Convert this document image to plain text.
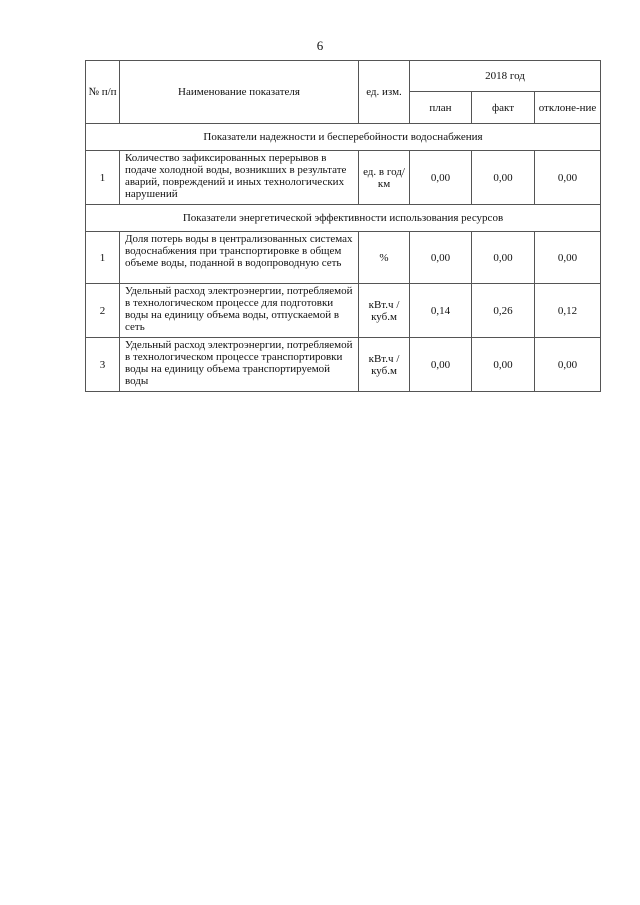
6
№ п/п	Наименование показателя	ед. изм.	2018 год		
			план	факт	отклоне-ние
Показатели надежности и бесперебойности водоснабжения					
1	Количество зафиксированных перерывов в подаче холодной воды, возникших в результате аварий, повреждений и иных технологических нарушений	ед. в год/ км	0,00	0,00	0,00
Показатели энергетической эффективности использования ресурсов					
1	Доля потерь воды в централизованных системах водоснабжения при транспортировке в общем объеме воды, поданной в водопроводную сеть	%	0,00	0,00	0,00
2	Удельный расход электроэнергии, потребляемой в технологическом процессе для подготовки воды на единицу объема воды, отпускаемой в сеть	кВт.ч / куб.м	0,14	0,26	0,12
3	Удельный расход электроэнергии, потребляемой в технологическом процессе транспортировки воды на единицу объема транспортируемой воды	кВт.ч / куб.м	0,00	0,00	0,00
